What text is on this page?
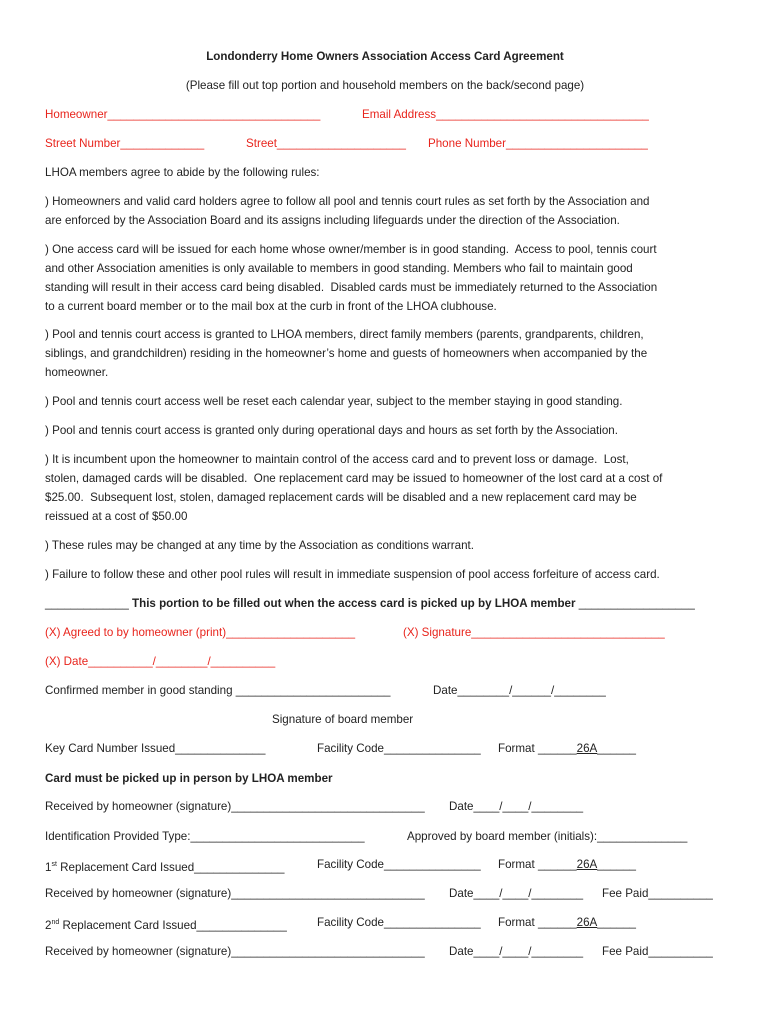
Londonderry Home Owners Association Access Card Agreement
(Please fill out top portion and household members on the back/second page)
Homeowner_________________________________	Email Address_________________________________
Street Number_____________	Street____________________ Phone Number______________________
LHOA members agree to abide by the following rules:
) Homeowners and valid card holders agree to follow all pool and tennis court rules as set forth by the Association and
are enforced by the Association Board and its assigns including lifeguards under the direction of the Association.
) One access card will be issued for each home whose owner/member is in good standing.  Access to pool, tennis court
and other Association amenities is only available to members in good standing. Members who fail to maintain good
standing will result in their access card being disabled.  Disabled cards must be immediately returned to the Association
to a current board member or to the mail box at the curb in front of the LHOA clubhouse.
) Pool and tennis court access is granted to LHOA members, direct family members (parents, grandparents, children,
siblings, and grandchildren) residing in the homeowner’s home and guests of homeowners when accompanied by the
homeowner.
) Pool and tennis court access well be reset each calendar year, subject to the member staying in good standing.
) Pool and tennis court access is granted only during operational days and hours as set forth by the Association.
) It is incumbent upon the homeowner to maintain control of the access card and to prevent loss or damage.  Lost,
stolen, damaged cards will be disabled.  One replacement card may be issued to homeowner of the lost card at a cost of
$25.00.  Subsequent lost, stolen, damaged replacement cards will be disabled and a new replacement card may be
reissued at a cost of $50.00
) These rules may be changed at any time by the Association as conditions warrant.
) Failure to follow these and other pool rules will result in immediate suspension of pool access forfeiture of access card.
_____________ This portion to be filled out when the access card is picked up by LHOA member __________________
(X) Agreed to by homeowner (print)____________________	(X) Signature______________________________
(X) Date__________/________/__________
Confirmed member in good standing ________________________	Date________/______/________
Signature of board member
Key Card Number Issued______________	Facility Code_______________ Format ______26A______
Card must be picked up in person by LHOA member
Received by homeowner (signature)______________________________ Date____/____/________
Identification Provided Type:___________________________	Approved by board member (initials):______________
1st Replacement Card Issued______________	Facility Code_______________ Format ______26A______
Received by homeowner (signature)______________________________ Date____/____/________ Fee Paid__________
2nd Replacement Card Issued______________	Facility Code_______________ Format ______26A______
Received by homeowner (signature)______________________________ Date____/____/________ Fee Paid__________
